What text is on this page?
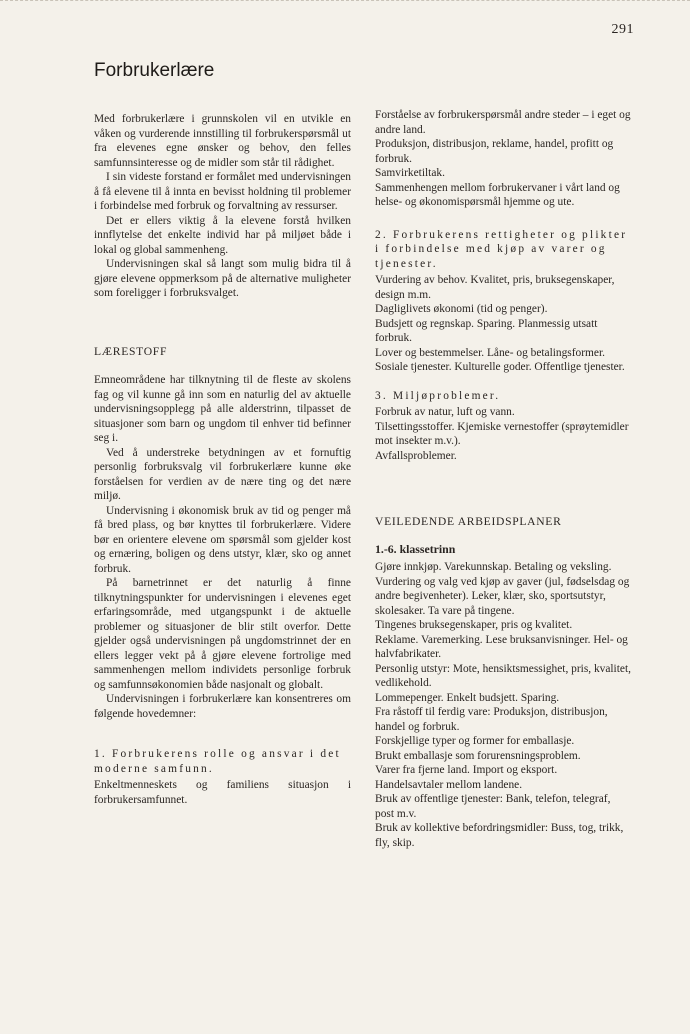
291
Forbrukerlære

Med forbrukerlære i grunnskolen vil en utvikle en våken og vurderende innstilling til forbrukerspørsmål ut fra elevenes egne ønsker og behov, den felles samfunnsinteresse og de midler som står til rådighet.

I sin videste forstand er formålet med undervisningen å få elevene til å innta en bevisst holdning til problemer i forbindelse med forbruk og forvaltning av ressurser.

Det er ellers viktig å la elevene forstå hvilken innflytelse det enkelte individ har på miljøet både i lokal og global sammenheng.

Undervisningen skal så langt som mulig bidra til å gjøre elevene oppmerksom på de alternative muligheter som foreligger i forbruksvalget.

LÆRESTOFF

Emneområdene har tilknytning til de fleste av skolens fag og vil kunne gå inn som en naturlig del av aktuelle undervisningsopplegg på alle alderstrinn, tilpasset de situasjoner som barn og ungdom til enhver tid befinner seg i.

Ved å understreke betydningen av et fornuftig personlig forbruksvalg vil forbrukerlære kunne øke forståelsen for verdien av de nære ting og det nære miljø.

Undervisning i økonomisk bruk av tid og penger må få bred plass, og bør knyttes til forbrukerlære. Videre bør en orientere elevene om spørsmål som gjelder kost og ernæring, boligen og dens utstyr, klær, sko og annet forbruk.

På barnetrinnet er det naturlig å finne tilknytningspunkter for undervisningen i elevenes eget erfaringsområde, med utgangspunkt i de aktuelle problemer og situasjoner de blir stilt overfor. Dette gjelder også undervisningen på ungdomstrinnet der en ellers legger vekt på å gjøre elevene fortrolige med sammenhengen mellom individets personlige forbruk og samfunnsøkonomien både nasjonalt og globalt.

Undervisningen i forbrukerlære kan konsentreres om følgende hovedemner:

1. Forbrukerens rolle og ansvar i det moderne samfunn.

Enkeltmenneskets og familiens situasjon i forbrukersamfunnet.

Forståelse av forbrukerspørsmål andre steder – i eget og andre land.

Produksjon, distribusjon, reklame, handel, profitt og forbruk.

Samvirketiltak.

Sammenhengen mellom forbrukervaner i vårt land og helse- og økonomispørsmål hjemme og ute.

2. Forbrukerens rettigheter og plikter i forbindelse med kjøp av varer og tjenester.

Vurdering av behov. Kvalitet, pris, bruksegenskaper, design m.m.

Dagliglivets økonomi (tid og penger).

Budsjett og regnskap. Sparing. Planmessig utsatt forbruk.

Lover og bestemmelser. Låne- og betalingsformer.

Sosiale tjenester. Kulturelle goder. Offentlige tjenester.

3. Miljøproblemer.

Forbruk av natur, luft og vann.

Tilsettingsstoffer. Kjemiske vernestoffer (sprøytemidler mot insekter m.v.).

Avfallsproblemer.

VEILEDENDE ARBEIDSPLANER

1.-6. klassetrinn

Gjøre innkjøp. Varekunnskap. Betaling og veksling.

Vurdering og valg ved kjøp av gaver (jul, fødselsdag og andre begivenheter). Leker, klær, sko, sportsutstyr, skolesaker. Ta vare på tingene.

Tingenes bruksegenskaper, pris og kvalitet.

Reklame. Varemerking. Lese bruksanvisninger. Hel- og halvfabrikater.

Personlig utstyr: Mote, hensiktsmessighet, pris, kvalitet, vedlikehold.

Lommepenger. Enkelt budsjett. Sparing.

Fra råstoff til ferdig vare: Produksjon, distribusjon, handel og forbruk.

Forskjellige typer og former for emballasje.

Brukt emballasje som forurensningsproblem.

Varer fra fjerne land. Import og eksport.

Handelsavtaler mellom landene.

Bruk av offentlige tjenester: Bank, telefon, telegraf, post m.v.

Bruk av kollektive befordringsmidler: Buss, tog, trikk, fly, skip.
